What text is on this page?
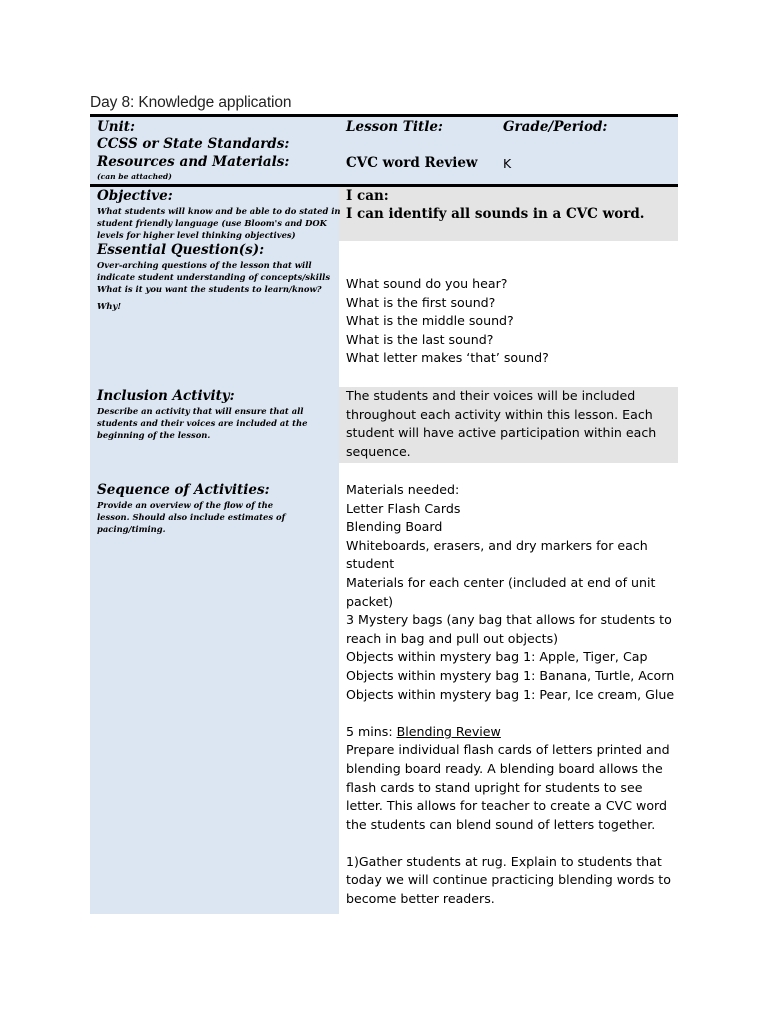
Day 8: Knowledge application
Unit:
CCSS or State Standards:
Resources and Materials:
(can be attached)
Lesson Title:	Grade/Period:
CVC word Review K
Objective:
What students will know and be able to do stated in
student friendly language (use Bloom's and DOK
levels for higher level thinking objectives)
I can:
I can identify all sounds in a CVC word.
Essential Question(s):
Over-arching questions of the lesson that will
indicate student understanding of concepts/skills
What is it you want the students to learn/know?
Why!
What sound do you hear?
What is the first sound?
What is the middle sound?
What is the last sound?
What letter makes ‘that’ sound?
Inclusion Activity:
Describe an activity that will ensure that all
students and their voices are included at the
beginning of the lesson.
The students and their voices will be included
throughout each activity within this lesson. Each
student will have active participation within each
sequence.
Sequence of Activities:
Provide an overview of the flow of the
lesson. Should also include estimates of
pacing/timing.
Materials needed:
Letter Flash Cards
Blending Board
Whiteboards, erasers, and dry markers for each
student
Materials for each center (included at end of unit
packet)
3 Mystery bags (any bag that allows for students to
reach in bag and pull out objects)
Objects within mystery bag 1: Apple, Tiger, Cap
Objects within mystery bag 1: Banana, Turtle, Acorn
Objects within mystery bag 1: Pear, Ice cream, Glue
5 mins: Blending Review
Prepare individual flash cards of letters printed and
blending board ready. A blending board allows the
flash cards to stand upright for students to see
letter. This allows for teacher to create a CVC word
the students can blend sound of letters together.
1)Gather students at rug. Explain to students that
today we will continue practicing blending words to
become better readers.
